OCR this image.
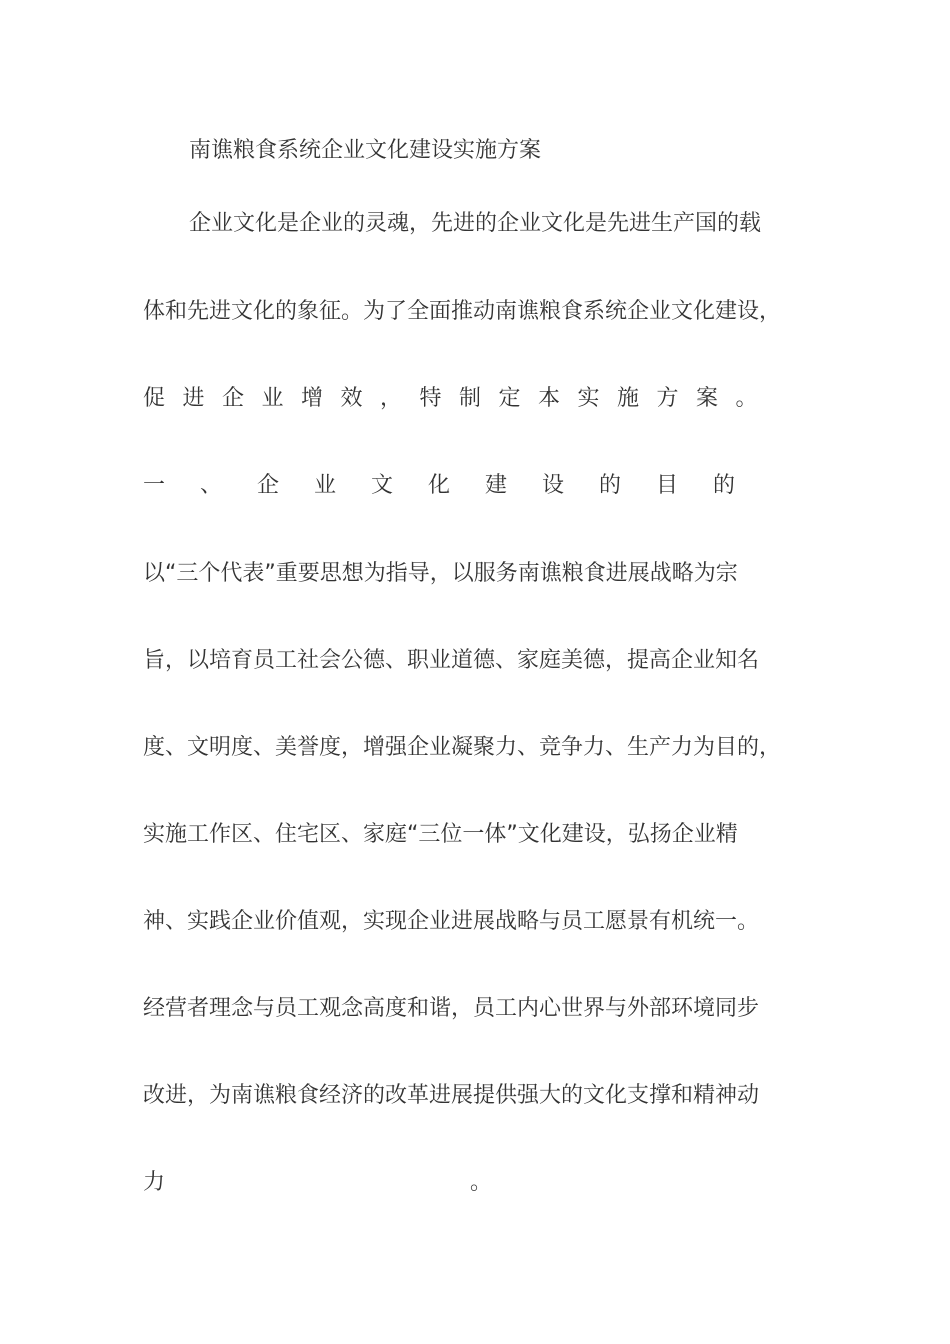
南谯粮食系统企业文化建设实施方案
企业文化是企业的灵魂，先进的企业文化是先进生产国的载
体和先进文化的象征。为了全面推动南谯粮食系统企业文化建设，
促进企业增效，特制定本实施方案。
一、企业文化建设的目的
以“三个代表”重要思想为指导，以服务南谯粮食进展战略为宗
旨，以培育员工社会公德、职业道德、家庭美德，提高企业知名
度、文明度、美誉度，增强企业凝聚力、竞争力、生产力为目的，
实施工作区、住宅区、家庭“三位一体”文化建设，弘扬企业精
神、实践企业价值观，实现企业进展战略与员工愿景有机统一。
经营者理念与员工观念高度和谐，员工内心世界与外部环境同步
改进，为南谯粮食经济的改革进展提供强大的文化支撑和精神动
力	。
